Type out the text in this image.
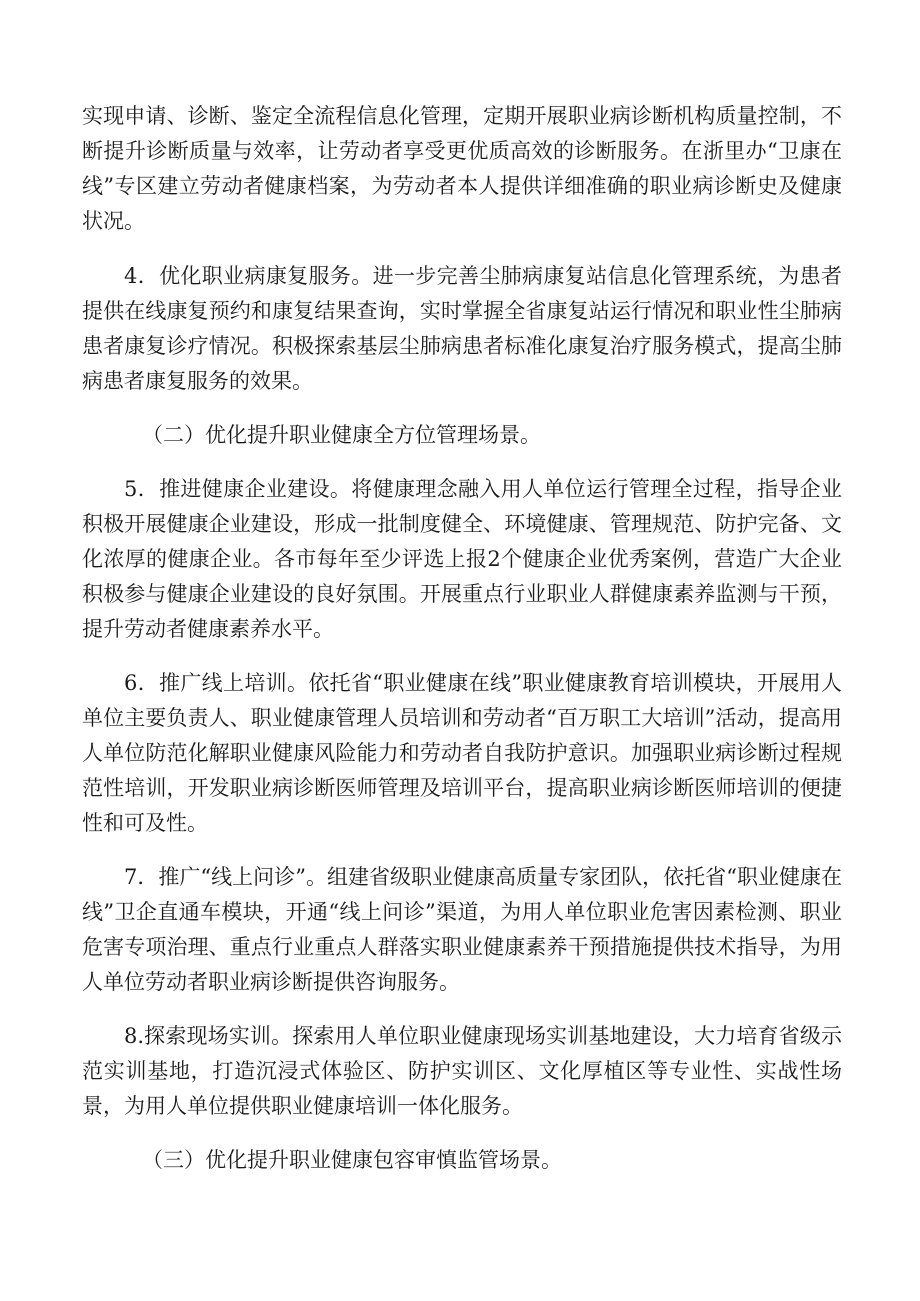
实现申请、诊断、鉴定全流程信息化管理，定期开展职业病诊断机构质量控制，不断提升诊断质量与效率，让劳动者享受更优质高效的诊断服务。在浙里办“卫康在线”专区建立劳动者健康档案，为劳动者本人提供详细准确的职业病诊断史及健康状况。

4．优化职业病康复服务。进一步完善尘肺病康复站信息化管理系统，为患者提供在线康复预约和康复结果查询，实时掌握全省康复站运行情况和职业性尘肺病患者康复诊疗情况。积极探索基层尘肺病患者标准化康复治疗服务模式，提高尘肺病患者康复服务的效果。

（二）优化提升职业健康全方位管理场景。

5．推进健康企业建设。将健康理念融入用人单位运行管理全过程，指导企业积极开展健康企业建设，形成一批制度健全、环境健康、管理规范、防护完备、文化浓厚的健康企业。各市每年至少评选上报2个健康企业优秀案例，营造广大企业积极参与健康企业建设的良好氛围。开展重点行业职业人群健康素养监测与干预，提升劳动者健康素养水平。

6．推广线上培训。依托省“职业健康在线”职业健康教育培训模块，开展用人单位主要负责人、职业健康管理人员培训和劳动者“百万职工大培训”活动，提高用人单位防范化解职业健康风险能力和劳动者自我防护意识。加强职业病诊断过程规范性培训，开发职业病诊断医师管理及培训平台，提高职业病诊断医师培训的便捷性和可及性。

7．推广“线上问诊”。组建省级职业健康高质量专家团队，依托省“职业健康在线”卫企直通车模块，开通“线上问诊”渠道，为用人单位职业危害因素检测、职业危害专项治理、重点行业重点人群落实职业健康素养干预措施提供技术指导，为用人单位劳动者职业病诊断提供咨询服务。

8.探索现场实训。探索用人单位职业健康现场实训基地建设，大力培育省级示范实训基地，打造沉浸式体验区、防护实训区、文化厚植区等专业性、实战性场景，为用人单位提供职业健康培训一体化服务。

（三）优化提升职业健康包容审慎监管场景。
